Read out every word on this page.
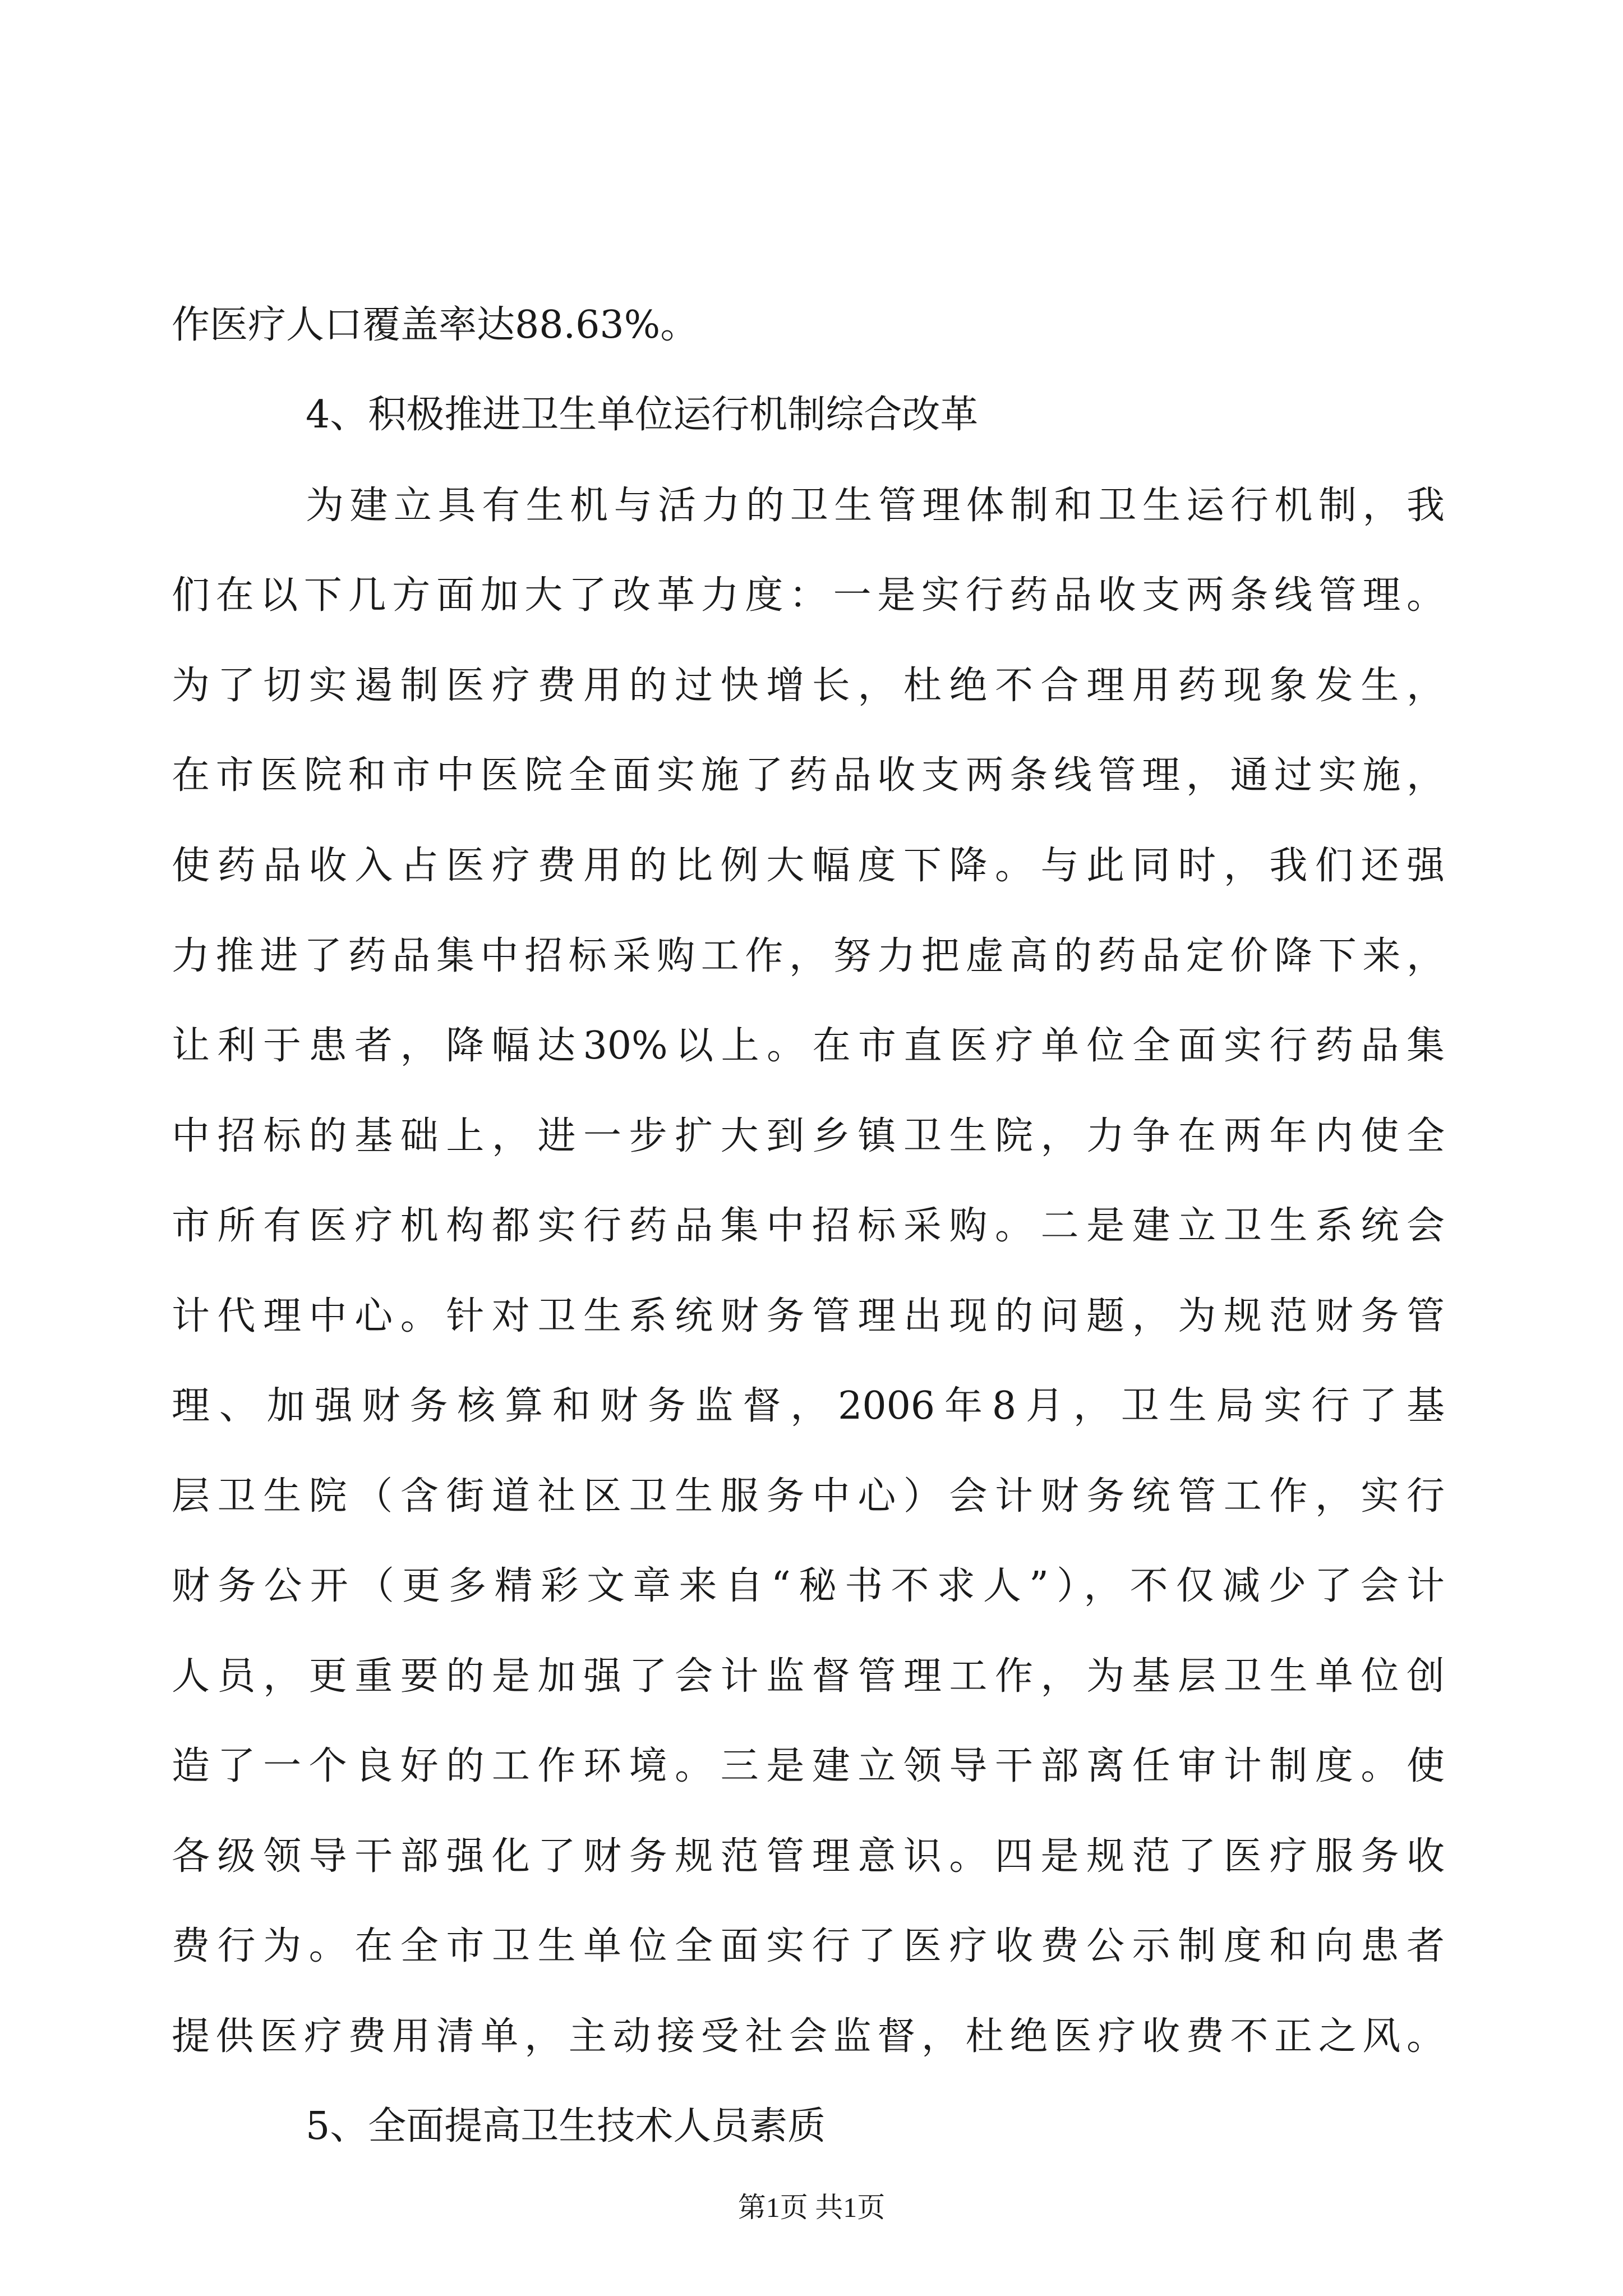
作医疗人口覆盖率达88.63%。
4、积极推进卫生单位运行机制综合改革
为建立具有生机与活力的卫生管理体制和卫生运行机制，我
们在以下几方面加大了改革力度：一是实行药品收支两条线管理。
为了切实遏制医疗费用的过快增长，杜绝不合理用药现象发生，
在市医院和市中医院全面实施了药品收支两条线管理，通过实施，
使药品收入占医疗费用的比例大幅度下降。与此同时，我们还强
力推进了药品集中招标采购工作，努力把虚高的药品定价降下来，
让利于患者，降幅达30%以上。在市直医疗单位全面实行药品集
中招标的基础上，进一步扩大到乡镇卫生院，力争在两年内使全
市所有医疗机构都实行药品集中招标采购。二是建立卫生系统会
计代理中心。针对卫生系统财务管理出现的问题，为规范财务管
理、加强财务核算和财务监督，2006年8月，卫生局实行了基
层卫生院（含街道社区卫生服务中心）会计财务统管工作，实行
财务公开（更多精彩文章来自“秘书不求人”），不仅减少了会计
人员，更重要的是加强了会计监督管理工作，为基层卫生单位创
造了一个良好的工作环境。三是建立领导干部离任审计制度。使
各级领导干部强化了财务规范管理意识。四是规范了医疗服务收
费行为。在全市卫生单位全面实行了医疗收费公示制度和向患者
提供医疗费用清单，主动接受社会监督，杜绝医疗收费不正之风。
5、全面提高卫生技术人员素质
第1页 共1页
